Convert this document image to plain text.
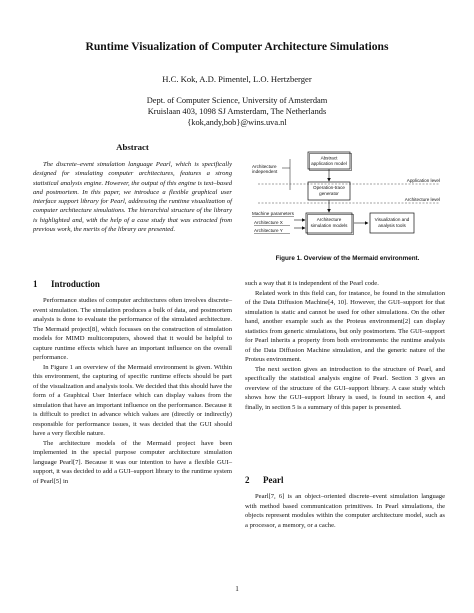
Runtime Visualization of Computer Architecture Simulations
H.C. Kok, A.D. Pimentel, L.O. Hertzberger
Dept. of Computer Science, University of Amsterdam
Kruislaan 403, 1098 SJ Amsterdam, The Netherlands
{kok,andy,bob}@wins.uva.nl
Abstract

The discrete–event simulation language Pearl, which is specifically designed for simulating computer architectures, features a strong statistical analysis engine. However, the output of this engine is text–based and postmortem. In this paper, we introduce a flexible graphical user interface support library for Pearl, addressing the runtime visualization of computer architecture simulations. The hierarchial structure of the library is highlighted and, with the help of a case study that was extracted from previous work, the merits of the library are presented.

Abstract
application model
Architecture
independent
Operation-trace
generator
Application level
Architecture level
Machine parameters
Architecture X
Architecture Y
Architecture
simulation models
Visualization and
analysis tools
Figure 1. Overview of the Mermaid environment.
1 Introduction

Performance studies of computer architectures often involves discrete–event simulation. The simulation produces a bulk of data, and postmortem analysis is done to evaluate the performance of the simulated architecture. The Mermaid project[8], which focusses on the construction of simulation models for MIMD multicomputers, showed that it would be helpful to capture runtime effects which have an important influence on the overall performance.

In Figure 1 an overview of the Mermaid environment is given. Within this environment, the capturing of specific runtime effects should be part of the visualization and analysis tools. We decided that this should have the form of a Graphical User Interface which can display values from the simulation that have an important influence on the performance. Because it is difficult to predict in advance which values are (directly or indirectly) responsible for performance issues, it was decided that the GUI should have a very flexible nature.

The architecture models of the Mermaid project have been implemented in the special purpose computer architecture simulation language Pearl[7]. Because it was our intention to have a flexible GUI–support, it was decided to add a GUI–support library to the runtime system of Pearl[5] in

such a way that it is independent of the Pearl code.

Related work in this field can, for instance, be found in the simulation of the Data Diffusion Machine[4, 10]. However, the GUI–support for that simulation is static and cannot be used for other simulations. On the other hand, another example such as the Proteus environment[2] can display statistics from generic simulations, but only postmortem. The GUI–support for Pearl inherits a property from both environments: the runtime analysis of the Data Diffusion Machine simulation, and the generic nature of the Proteus environment.

The next section gives an introduction to the structure of Pearl, and specifically the statistical analysis engine of Pearl. Section 3 gives an overview of the structure of the GUI–support library. A case study which shows how the GUI–support library is used, is found in section 4, and finally, in section 5 is a summary of this paper is presented.

2 Pearl

Pearl[7, 6] is an object–oriented discrete–event simulation language with method based communication primitives. In Pearl simulations, the objects represent modules within the computer architecture model, such as a processor, a memory, or a cache.

1
